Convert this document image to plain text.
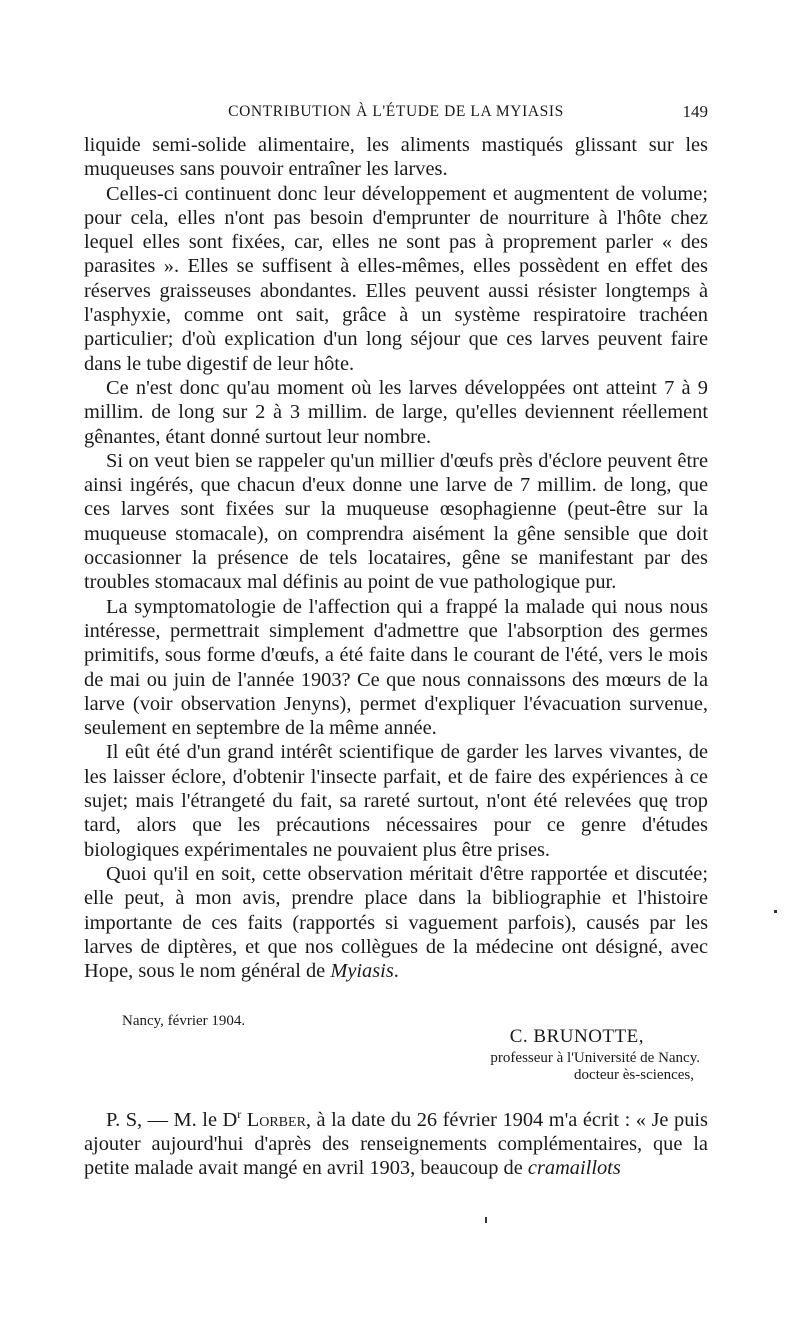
CONTRIBUTION À L'ÉTUDE DE LA MYIASIS	149

liquide semi-solide alimentaire, les aliments mastiqués glissant sur les muqueuses sans pouvoir entraîner les larves.

Celles-ci continuent donc leur développement et augmentent de volume; pour cela, elles n'ont pas besoin d'emprunter de nourriture à l'hôte chez lequel elles sont fixées, car, elles ne sont pas à proprement parler « des parasites ». Elles se suffisent à elles-mêmes, elles possèdent en effet des réserves graisseuses abondantes. Elles peuvent aussi résister longtemps à l'asphyxie, comme ont sait, grâce à un système respiratoire trachéen particulier; d'où explication d'un long séjour que ces larves peuvent faire dans le tube digestif de leur hôte.

Ce n'est donc qu'au moment où les larves développées ont atteint 7 à 9 millim. de long sur 2 à 3 millim. de large, qu'elles deviennent réellement gênantes, étant donné surtout leur nombre.

Si on veut bien se rappeler qu'un millier d'œufs près d'éclore peuvent être ainsi ingérés, que chacun d'eux donne une larve de 7 millim. de long, que ces larves sont fixées sur la muqueuse œsophagienne (peut-être sur la muqueuse stomacale), on comprendra aisément la gêne sensible que doit occasionner la présence de tels locataires, gêne se manifestant par des troubles stomacaux mal définis au point de vue pathologique pur.

La symptomatologie de l'affection qui a frappé la malade qui nous nous intéresse, permettrait simplement d'admettre que l'absorption des germes primitifs, sous forme d'œufs, a été faite dans le courant de l'été, vers le mois de mai ou juin de l'année 1903? Ce que nous connaissons des mœurs de la larve (voir observation Jenyns), permet d'expliquer l'évacuation survenue, seulement en septembre de la même année.

Il eût été d'un grand intérêt scientifique de garder les larves vivantes, de les laisser éclore, d'obtenir l'insecte parfait, et de faire des expériences à ce sujet; mais l'étrangeté du fait, sa rareté surtout, n'ont été relevées quę trop tard, alors que les précautions nécessaires pour ce genre d'études biologiques expérimentales ne pouvaient plus être prises.

Quoi qu'il en soit, cette observation méritait d'être rapportée et discutée; elle peut, à mon avis, prendre place dans la bibliographie et l'histoire importante de ces faits (rapportés si vaguement parfois), causés par les larves de diptères, et que nos collègues de la médecine ont désigné, avec Hope, sous le nom général de Myiasis.

Nancy, février 1904.
C. BRUNOTTE,
professeur à l'Université de Nancy.
docteur ès-sciences,

P. S, — M. le $D^r$ Lorber, à la date du 26 février 1904 m'a écrit : « Je puis ajouter aujourd'hui d'après des renseignements complémentaires, que la petite malade avait mangé en avril 1903, beaucoup de cramaillots
